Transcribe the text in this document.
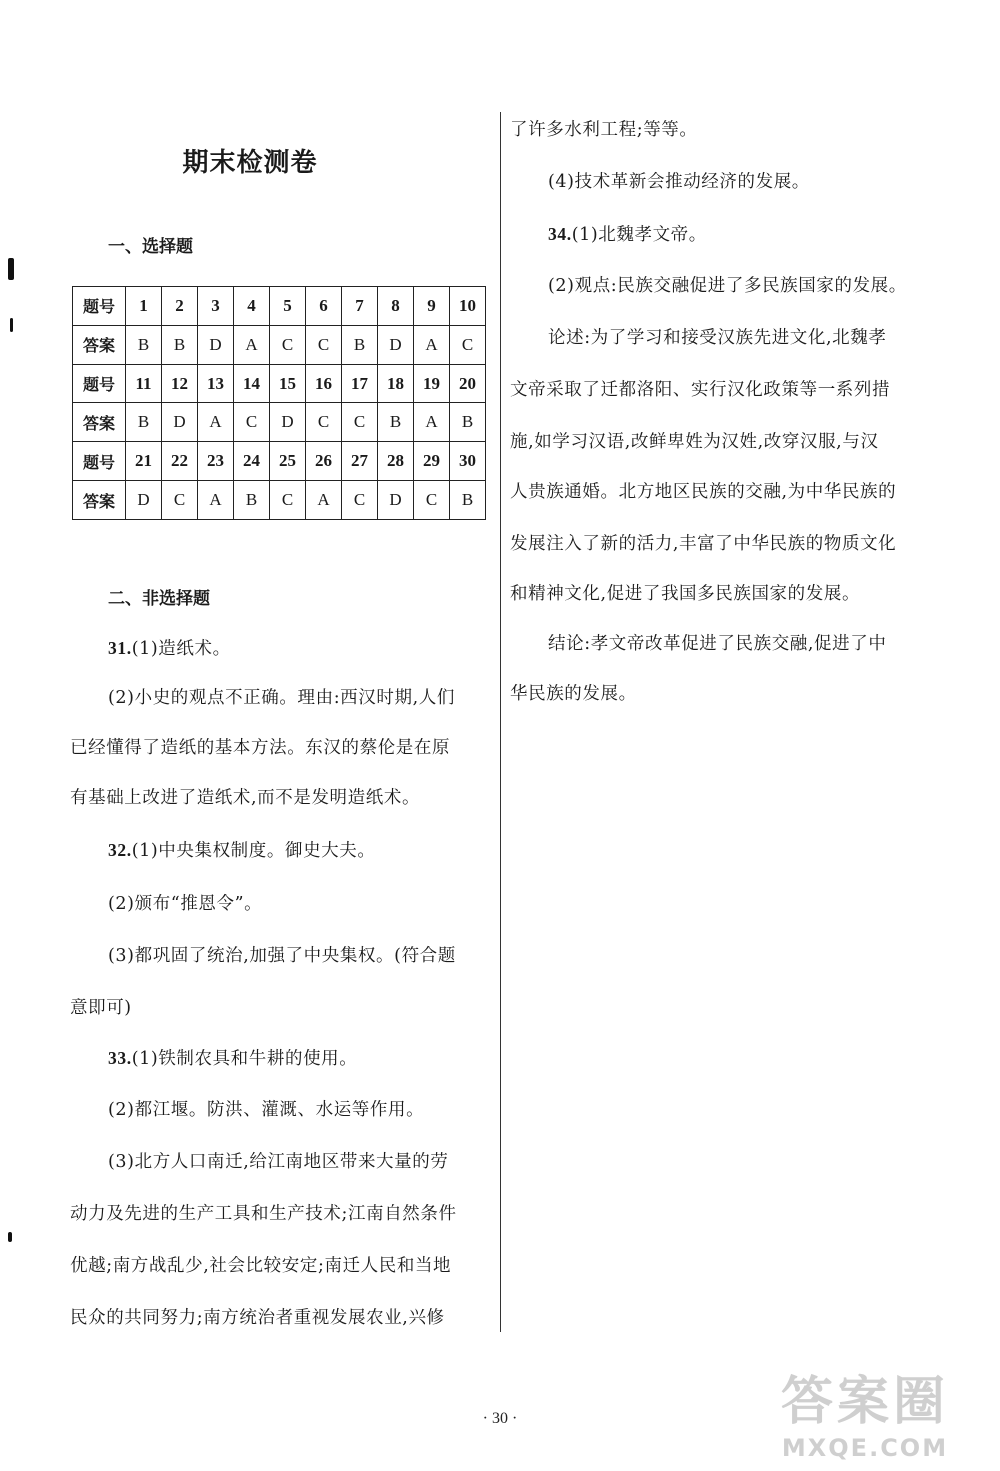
期末检测卷
一、选择题
题号	1	2	3	4	5	6	7	8	9	10
答案	B	B	D	A	C	C	B	D	A	C
题号	11	12	13	14	15	16	17	18	19	20
答案	B	D	A	C	D	C	C	B	A	B
题号	21	22	23	24	25	26	27	28	29	30
答案	D	C	A	B	C	A	C	D	C	B
二、非选择题
31.(1)造纸术。
(2)小史的观点不正确。理由:西汉时期,人们
已经懂得了造纸的基本方法。东汉的蔡伦是在原
有基础上改进了造纸术,而不是发明造纸术。
32.(1)中央集权制度。御史大夫。
(2)颁布“推恩令”。
(3)都巩固了统治,加强了中央集权。(符合题
意即可)
33.(1)铁制农具和牛耕的使用。
(2)都江堰。防洪、灌溉、水运等作用。
(3)北方人口南迁,给江南地区带来大量的劳
动力及先进的生产工具和生产技术;江南自然条件
优越;南方战乱少,社会比较安定;南迁人民和当地
民众的共同努力;南方统治者重视发展农业,兴修
了许多水利工程;等等。
(4)技术革新会推动经济的发展。
34.(1)北魏孝文帝。
(2)观点:民族交融促进了多民族国家的发展。
论述:为了学习和接受汉族先进文化,北魏孝
文帝采取了迁都洛阳、实行汉化政策等一系列措
施,如学习汉语,改鲜卑姓为汉姓,改穿汉服,与汉
人贵族通婚。北方地区民族的交融,为中华民族的
发展注入了新的活力,丰富了中华民族的物质文化
和精神文化,促进了我国多民族国家的发展。
结论:孝文帝改革促进了民族交融,促进了中
华民族的发展。
· 30 ·	答案圈
MXQE.COM
